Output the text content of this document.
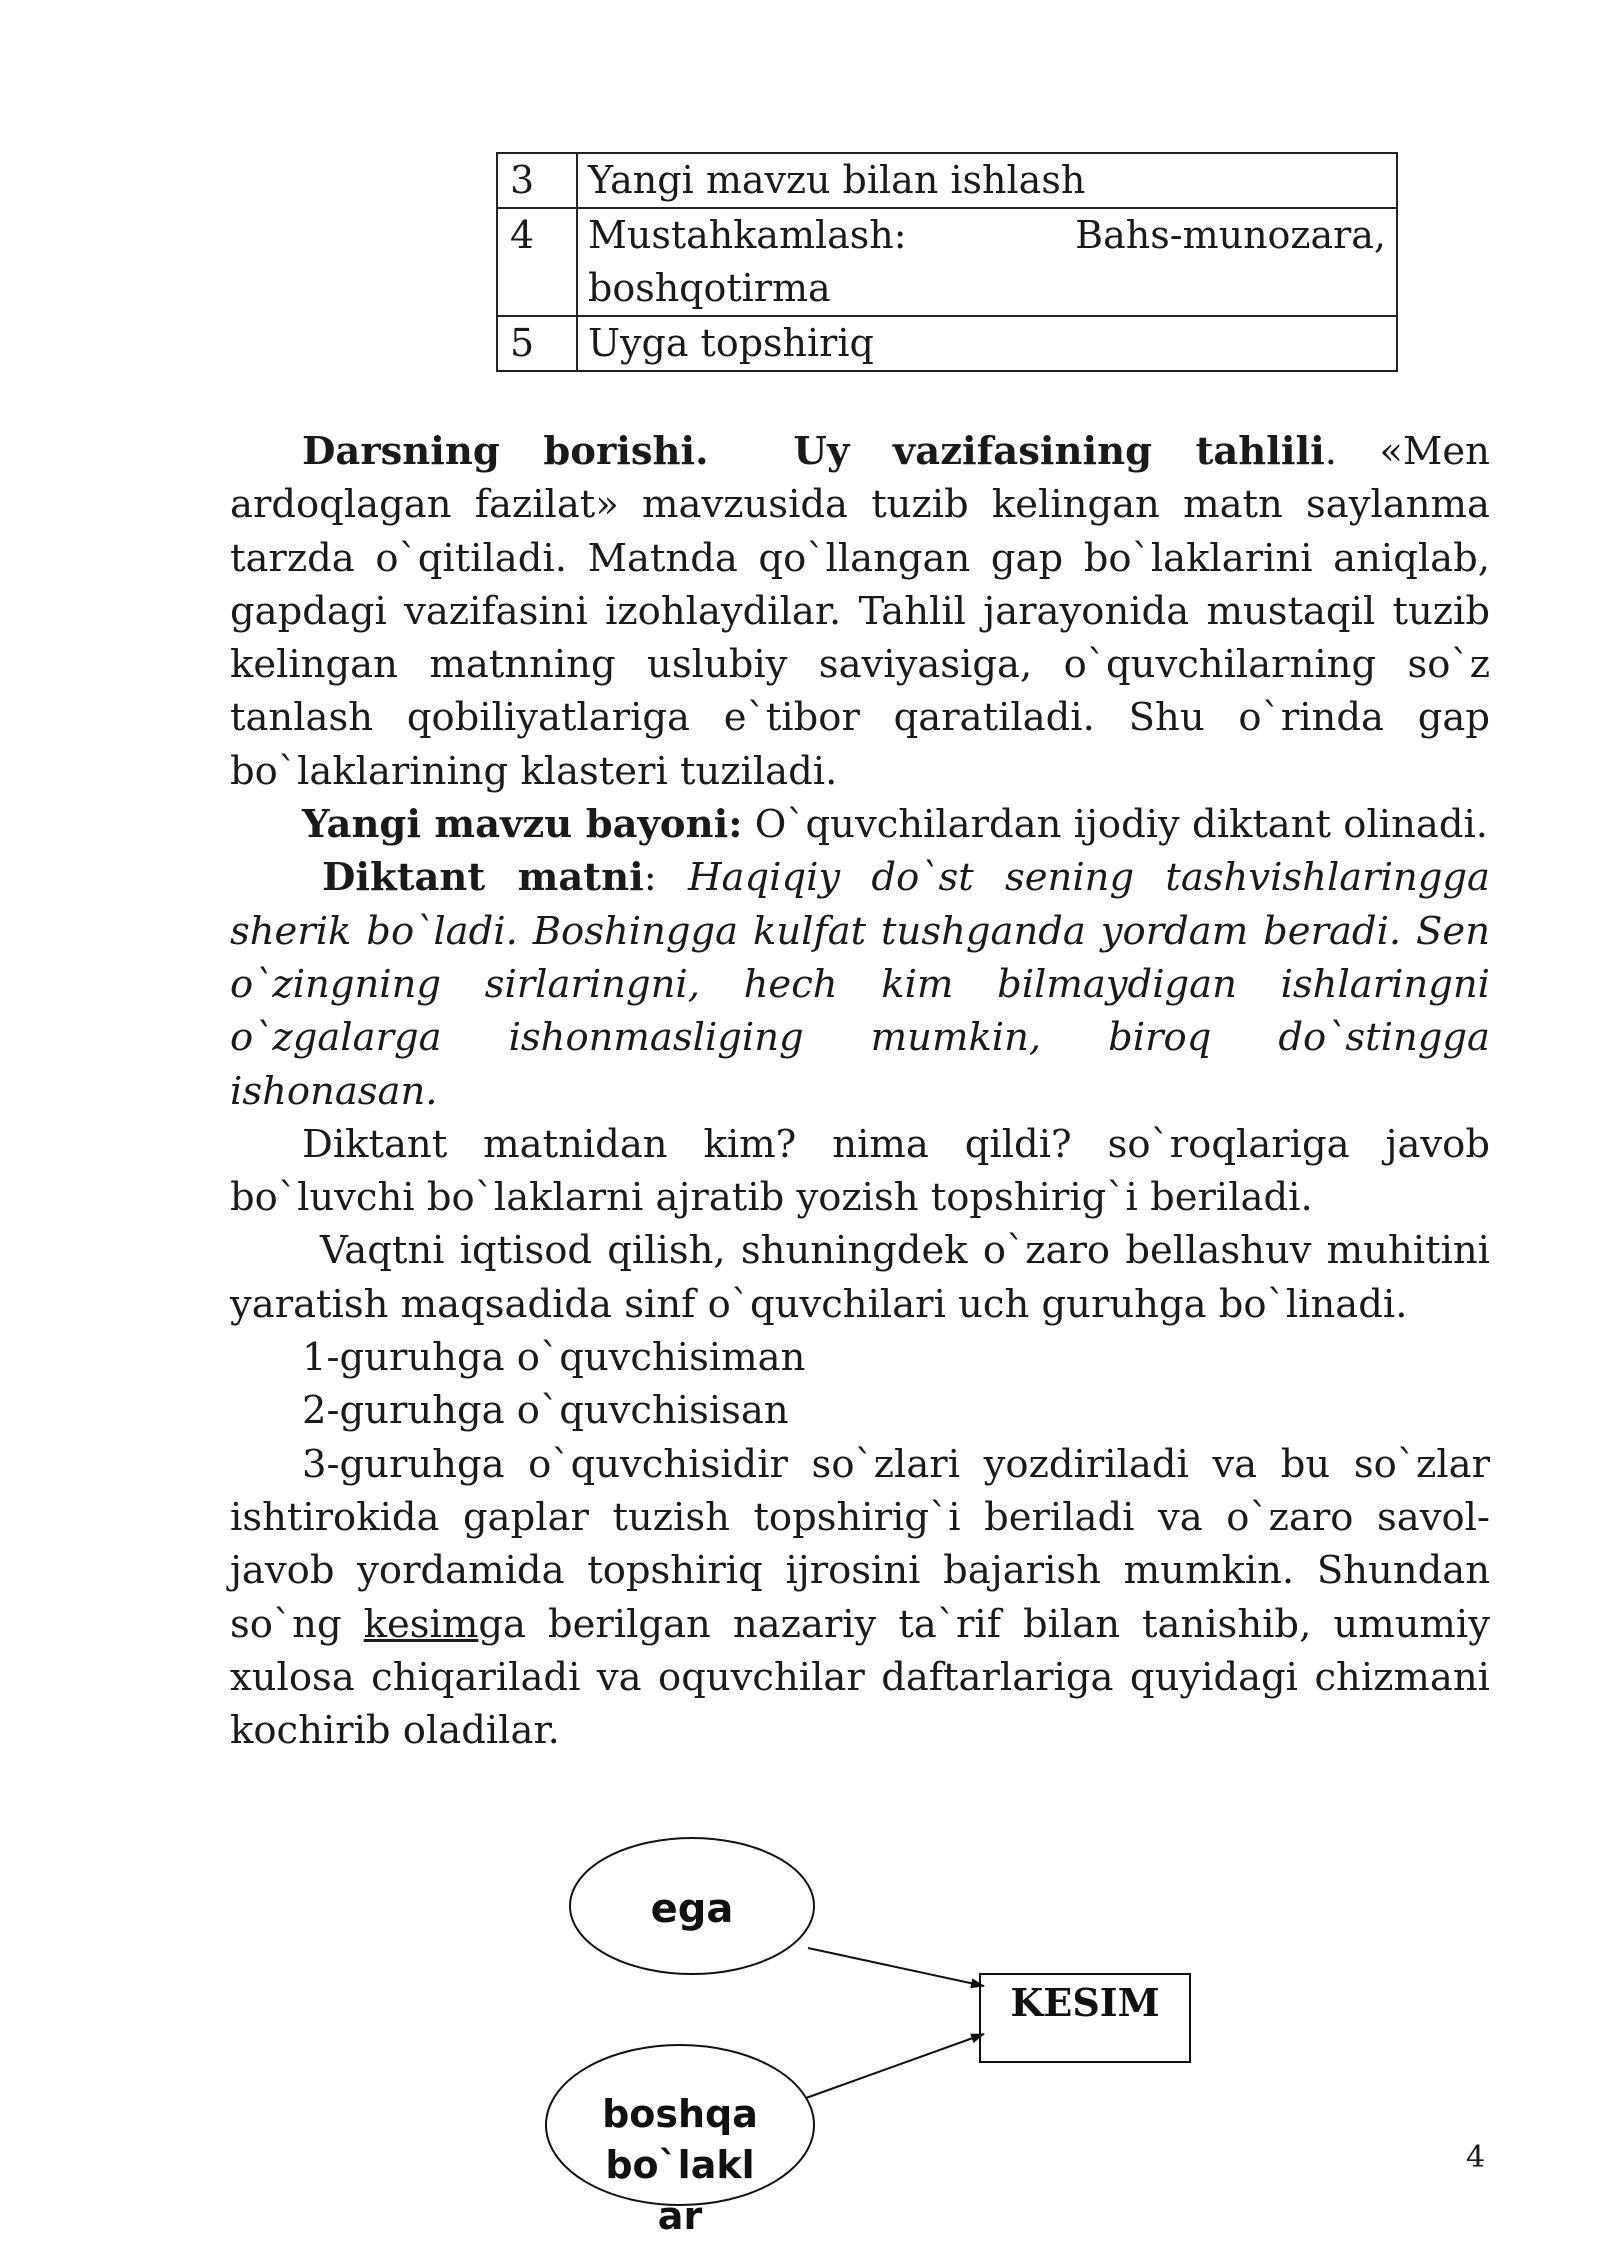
3	Yangi mavzu bilan ishlash
4	Mustahkamlash: Bahs-munozara,
boshqotirma

5	Uyga topshiriq

Darsning borishi. Uy vazifasining tahlili. «Men ardoqlagan fazilat» mavzusida tuzib kelingan matn saylanma tarzda o`qitiladi. Matnda qo`llangan gap bo`laklarini aniqlab, gapdagi vazifasini izohlaydilar. Tahlil jarayonida mustaqil tuzib kelingan matnning uslubiy saviyasiga, o`quvchilarning so`z tanlash qobiliyatlariga e`tibor qaratiladi. Shu o`rinda gap bo`laklarining klasteri tuziladi.

Yangi mavzu bayoni: O`quvchilardan ijodiy diktant olinadi.

Diktant matni: Haqiqiy do`st sening tashvishlaringga sherik bo`ladi. Boshingga kulfat tushganda yordam beradi. Sen o`zingning sirlaringni, hech kim bilmaydigan ishlaringni o`zgalarga ishonmasliging mumkin, biroq do`stingga ishonasan.

Diktant matnidan kim? nima qildi? so`roqlariga javob bo`luvchi bo`laklarni ajratib yozish topshirig`i beriladi.

Vaqtni iqtisod qilish, shuningdek o`zaro bellashuv muhitini yaratish maqsadida sinf o`quvchilari uch guruhga bo`linadi.

1-guruhga o`quvchisiman

2-guruhga o`quvchisisan

3-guruhga o`quvchisidir so`zlari yozdiriladi va bu so`zlar ishtirokida gaplar tuzish topshirig`i beriladi va o`zaro savol-javob yordamida topshiriq ijrosini bajarish mumkin. Shundan so`ng kesimga berilgan nazariy ta`rif bilan tanishib, umumiy xulosa chiqariladi va oquvchilar daftarlariga quyidagi chizmani kochirib oladilar.

ega
boshqa
bo`lakl
ar
KESIM
4
